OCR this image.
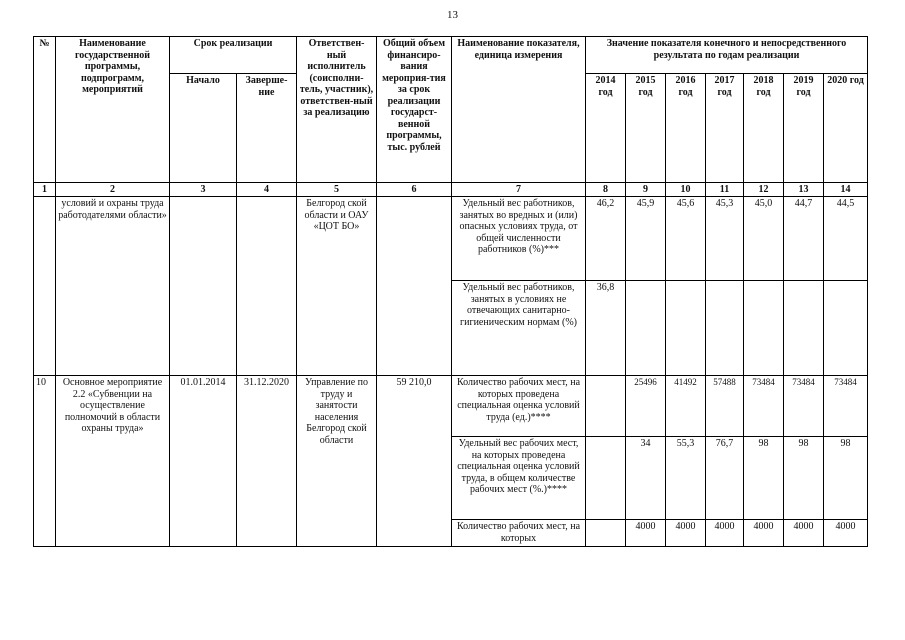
13
№	Наименование государственной программы, подпрограмм, мероприятий	Срок реализации		Ответствен-ный исполнитель (соисполни-тель, участник), ответствен-ный за реализацию	Общий объем финансиро-вания мероприя-тия за срок реализации государст-венной программы, тыс. рублей	Наименование показателя, единица измерения	Значение показателя конечного и непосредственного результата по годам реализации						
		Начало	Заверше-ние				2014 год	2015 год	2016 год	2017 год	2018 год	2019 год	2020 год
1	2	3	4	5	6	7	8	9	10	11	12	13	14
	условий и охраны труда работодателями области»			Белгород ской области и ОАУ «ЦОТ БО»		Удельный вес работников, занятых во вредных и (или) опасных условиях труда, от общей численности работников (%)***	46,2	45,9	45,6	45,3	45,0	44,7	44,5
						Удельный вес работников, занятых в условиях не отвечающих санитарно-гигиеническим нормам (%)	36,8						
10	Основное мероприятие 2.2 «Субвенции на осуществление полномочий в области охраны труда»	01.01.2014	31.12.2020	Управление по труду и занятости населения Белгород ской области	59 210,0	Количество рабочих мест, на которых проведена специальная оценка условий труда (ед.)****		25496	41492	57488	73484	73484	73484
						Удельный вес рабочих мест, на которых проведена специальная оценка условий труда, в общем количестве рабочих мест (%.)****		34	55,3	76,7	98	98	98
						Количество рабочих мест, на которых		4000	4000	4000	4000	4000	4000
